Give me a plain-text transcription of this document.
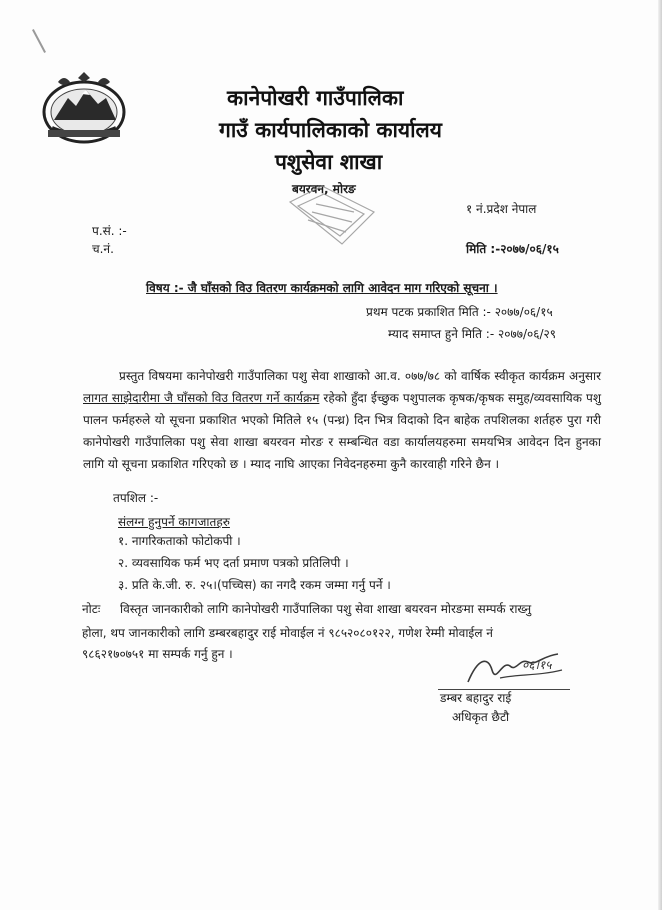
कानेपोखरी गाउँपालिका
गाउँ कार्यपालिकाको कार्यालय
पशुसेवा शाखा
बयरवन, मोरङ
१ नं.प्रदेश नेपाल
प.सं. :-
च.नं.	मिति :-२०७७/०६/१५
विषय :- जै घाँसको विउ वितरण कार्यक्रमको लागि आवेदन माग गरिएको सूचना ।
प्रथम पटक प्रकाशित मिति :- २०७७/०६/१५
म्याद समाप्त हुने मिति :- २०७७/०६/२९
प्रस्तुत विषयमा कानेपोखरी गाउँपालिका पशु सेवा शाखाको आ.व. ०७७/७८ को वार्षिक स्वीकृत कार्यक्रम अनुसार लागत साझेदारीमा जै घाँसको विउ वितरण गर्ने कार्यक्रम रहेको हुँदा ईच्छुक पशुपालक कृषक/कृषक समुह/व्यवसायिक पशु पालन फर्महरुले यो सूचना प्रकाशित भएको मितिले १५ (पन्ध्र) दिन भित्र विदाको दिन बाहेक तपशिलका शर्तहरु पुरा गरी कानेपोखरी गाउँपालिका पशु सेवा शाखा बयरवन मोरङ र सम्बन्धित वडा कार्यालयहरुमा समयभित्र आवेदन दिन हुनका लागि यो सूचना प्रकाशित गरिएको छ । म्याद नाघि आएका निवेदनहरुमा कुनै कारवाही गरिने छैन ।
तपशिल :-
संलग्न हुनुपर्ने कागजातहरु
१. नागरिकताको फोटोकपी ।
२. व्यवसायिक फर्म भए दर्ता प्रमाण पत्रको प्रतिलिपी ।
३. प्रति के.जी. रु. २५।(पच्चिस) का नगदै रकम जम्मा गर्नु पर्ने ।
नोटः विस्तृत जानकारीको लागि कानेपोखरी गाउँपालिका पशु सेवा शाखा बयरवन मोरङमा सम्पर्क राख्नु
होला, थप जानकारीको लागि डम्बरबहादुर राई मोवाईल नं ९८५२०८०१२२, गणेश रेम्मी मोवाईल नं
९८६२१७०७५१ मा सम्पर्क गर्नु हुन ।
०६।१५
डम्बर बहादुर राई
अधिकृत छैटौ
